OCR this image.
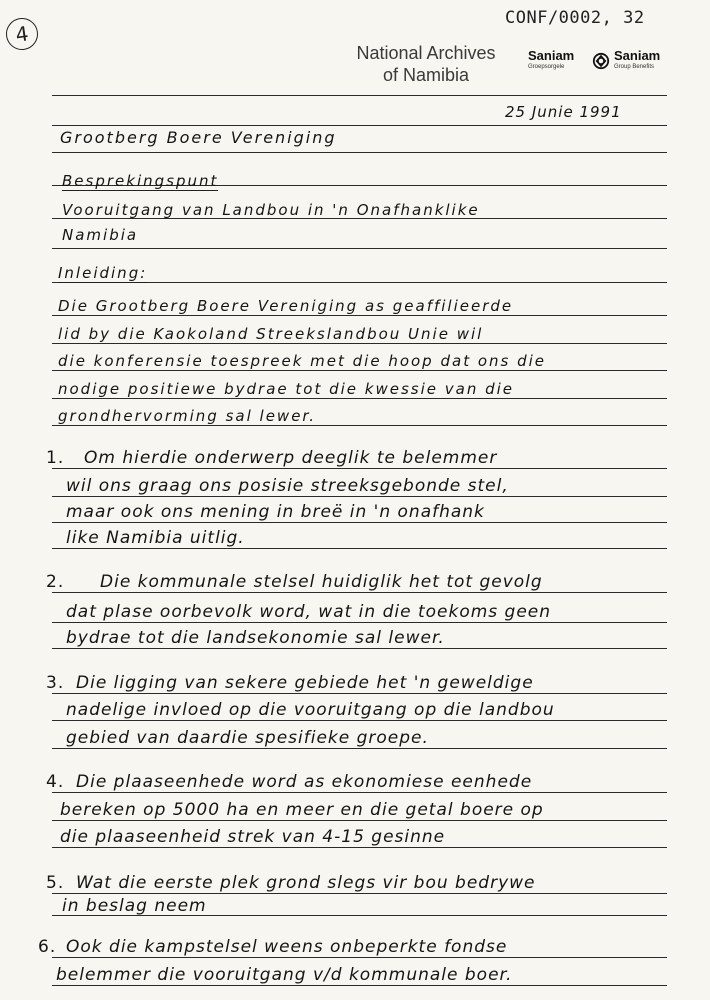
4
CONF/0002, 32
National Archives
of Namibia
Saniam
Groepsorgele
Saniam
Group Benefits
25 Junie 1991
Grootberg Boere Vereniging
Besprekingspunt
Vooruitgang van Landbou in 'n Onafhanklike
Namibia
Inleiding:
Die Grootberg Boere Vereniging as geaffilieerde
lid by die Kaokoland Streekslandbou Unie wil
die konferensie toespreek met die hoop dat ons die
nodige positiewe bydrae tot die kwessie van die
grondhervorming sal lewer.
1. Om hierdie onderwerp deeglik te belemmer
wil ons graag ons posisie streeksgebonde stel,
maar ook ons mening in breë in 'n onafhank
like Namibia uitlig.
2. Die kommunale stelsel huidiglik het tot gevolg
dat plase oorbevolk word, wat in die toekoms geen
bydrae tot die landsekonomie sal lewer.
3. Die ligging van sekere gebiede het 'n geweldige
nadelige invloed op die vooruitgang op die landbou
gebied van daardie spesifieke groepe.
4. Die plaaseenhede word as ekonomiese eenhede
bereken op 5000 ha en meer en die getal boere op
die plaaseenheid strek van 4-15 gesinne
5. Wat die eerste plek grond slegs vir bou bedrywe
in beslag neem
6. Ook die kampstelsel weens onbeperkte fondse
belemmer die vooruitgang v/d kommunale boer.
